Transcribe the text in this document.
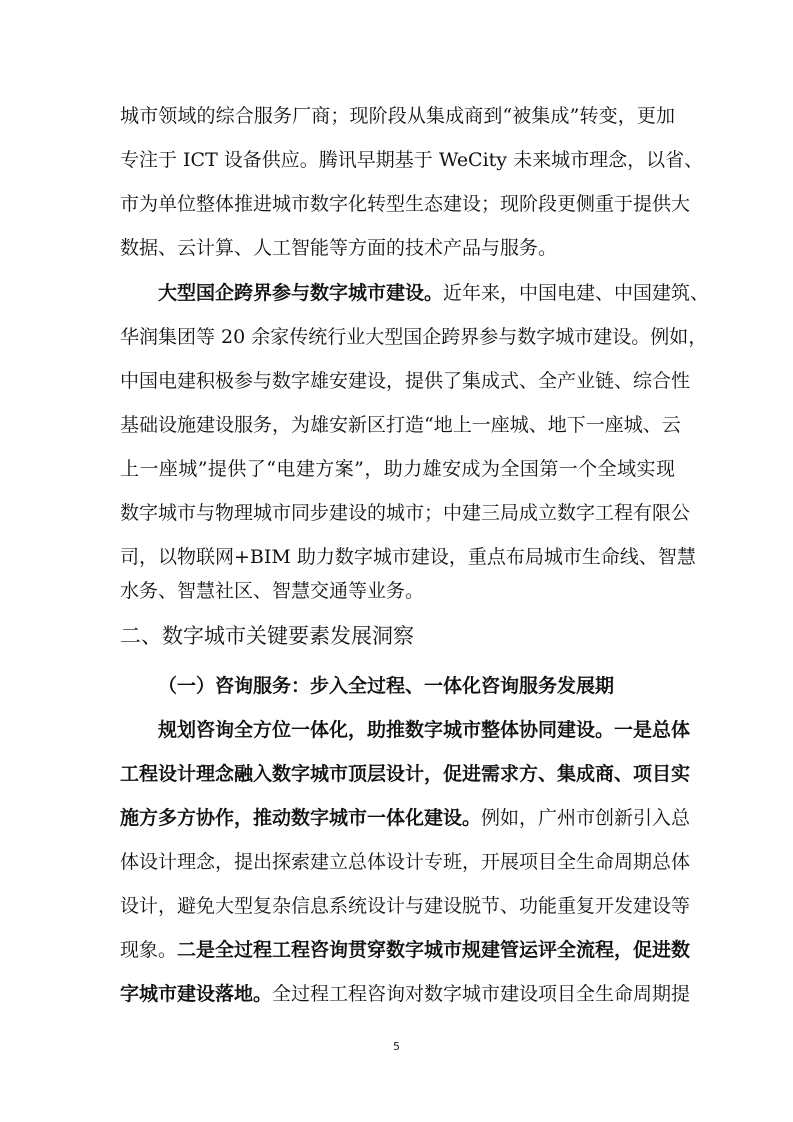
城市领域的综合服务厂商；现阶段从集成商到“被集成”转变，更加
专注于 ICT 设备供应。腾讯早期基于 WeCity 未来城市理念，以省、
市为单位整体推进城市数字化转型生态建设；现阶段更侧重于提供大
数据、云计算、人工智能等方面的技术产品与服务。
大型国企跨界参与数字城市建设。近年来，中国电建、中国建筑、
华润集团等 20 余家传统行业大型国企跨界参与数字城市建设。例如，
中国电建积极参与数字雄安建设，提供了集成式、全产业链、综合性
基础设施建设服务，为雄安新区打造“地上一座城、地下一座城、云
上一座城”提供了“电建方案”，助力雄安成为全国第一个全域实现
数字城市与物理城市同步建设的城市；中建三局成立数字工程有限公
司，以物联网+BIM 助力数字城市建设，重点布局城市生命线、智慧
水务、智慧社区、智慧交通等业务。
二、数字城市关键要素发展洞察
（一）咨询服务：步入全过程、一体化咨询服务发展期
规划咨询全方位一体化，助推数字城市整体协同建设。一是总体
工程设计理念融入数字城市顶层设计，促进需求方、集成商、项目实
施方多方协作，推动数字城市一体化建设。例如，广州市创新引入总
体设计理念，提出探索建立总体设计专班，开展项目全生命周期总体
设计，避免大型复杂信息系统设计与建设脱节、功能重复开发建设等
现象。二是全过程工程咨询贯穿数字城市规建管运评全流程，促进数
字城市建设落地。全过程工程咨询对数字城市建设项目全生命周期提
5
